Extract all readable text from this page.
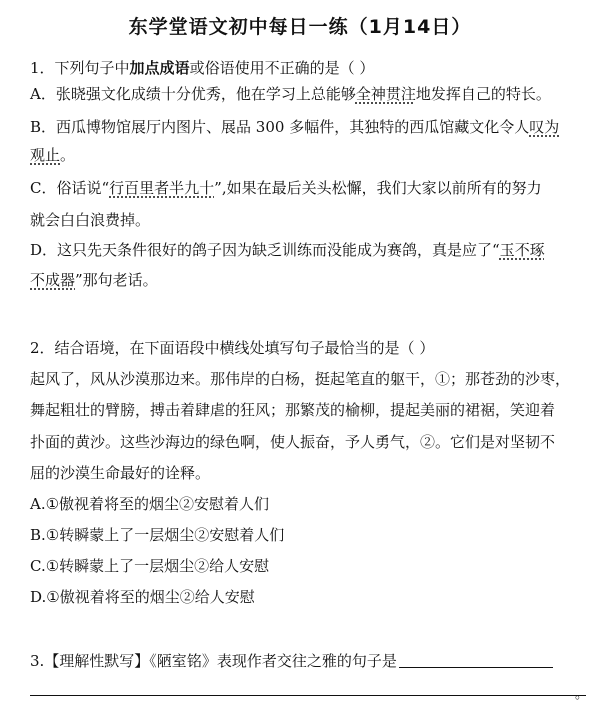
东学堂语文初中每日一练（1月14日）
1．下列句子中加点成语或俗语使用不正确的是（ ）
A．张晓强文化成绩十分优秀，他在学习上总能够全神贯注地发挥自己的特长。
B．西瓜博物馆展厅内图片、展品 300 多幅件，其独特的西瓜馆藏文化令人叹为
观止。
C．俗话说“行百里者半九十”,如果在最后关头松懈，我们大家以前所有的努力
就会白白浪费掉。
D．这只先天条件很好的鸽子因为缺乏训练而没能成为赛鸽，真是应了“玉不琢
不成器”那句老话。
2．结合语境，在下面语段中横线处填写句子最恰当的是（ ）
起风了，风从沙漠那边来。那伟岸的白杨，挺起笔直的躯干，①；那苍劲的沙枣，
舞起粗壮的臂膀，搏击着肆虐的狂风；那繁茂的榆柳，提起美丽的裙裾，笑迎着
扑面的黄沙。这些沙海边的绿色啊，使人振奋，予人勇气，②。它们是对坚韧不
屈的沙漠生命最好的诠释。
A.①傲视着将至的烟尘②安慰着人们
B.①转瞬蒙上了一层烟尘②安慰着人们
C.①转瞬蒙上了一层烟尘②给人安慰
D.①傲视着将至的烟尘②给人安慰
3.【理解性默写】《陋室铭》表现作者交往之雅的句子是
。
